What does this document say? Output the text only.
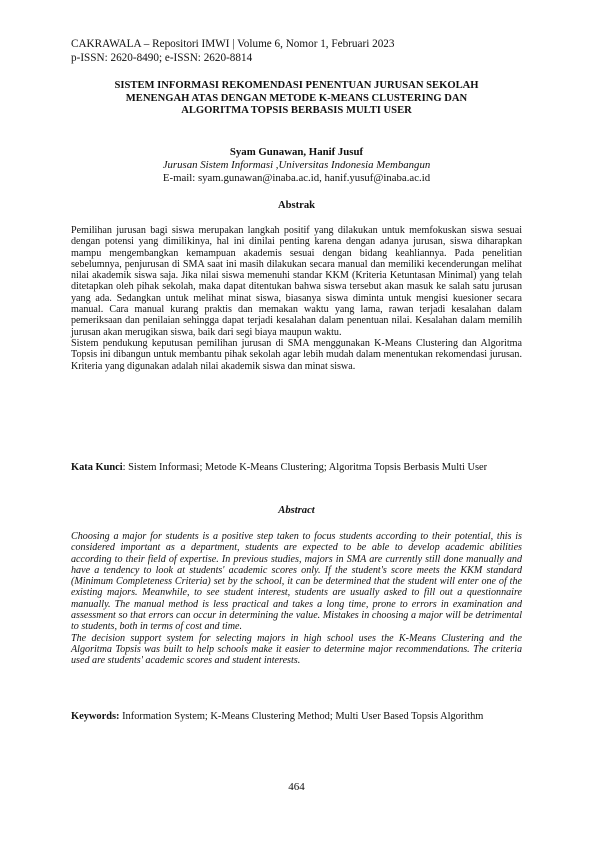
CAKRAWALA – Repositori IMWI | Volume 6, Nomor 1, Februari 2023
p-ISSN: 2620-8490; e-ISSN: 2620-8814
SISTEM INFORMASI REKOMENDASI PENENTUAN JURUSAN SEKOLAH
MENENGAH ATAS DENGAN METODE K-MEANS CLUSTERING DAN
ALGORITMA TOPSIS BERBASIS MULTI USER
Syam Gunawan, Hanif Jusuf
Jurusan Sistem Informasi ,Universitas Indonesia Membangun
E-mail: syam.gunawan@inaba.ac.id, hanif.yusuf@inaba.ac.id
Abstrak

Pemilihan jurusan bagi siswa merupakan langkah positif yang dilakukan untuk memfokuskan siswa sesuai dengan potensi yang dimilikinya, hal ini dinilai penting karena dengan adanya jurusan, siswa diharapkan mampu mengembangkan kemampuan akademis sesuai dengan bidang keahliannya. Pada penelitian sebelumnya, penjurusan di SMA saat ini masih dilakukan secara manual dan memiliki kecenderungan melihat nilai akademik siswa saja. Jika nilai siswa memenuhi standar KKM (Kriteria Ketuntasan Minimal) yang telah ditetapkan oleh pihak sekolah, maka dapat ditentukan bahwa siswa tersebut akan masuk ke salah satu jurusan yang ada. Sedangkan untuk melihat minat siswa, biasanya siswa diminta untuk mengisi kuesioner secara manual. Cara manual kurang praktis dan memakan waktu yang lama, rawan terjadi kesalahan dalam pemeriksaan dan penilaian sehingga dapat terjadi kesalahan dalam penentuan nilai. Kesalahan dalam memilih jurusan akan merugikan siswa, baik dari segi biaya maupun waktu.

Sistem pendukung keputusan pemilihan jurusan di SMA menggunakan K-Means Clustering dan Algoritma Topsis ini dibangun untuk membantu pihak sekolah agar lebih mudah dalam menentukan rekomendasi jurusan. Kriteria yang digunakan adalah nilai akademik siswa dan minat siswa.

Kata Kunci: Sistem Informasi; Metode K-Means Clustering; Algoritma Topsis Berbasis Multi User
Abstract

Choosing a major for students is a positive step taken to focus students according to their potential, this is considered important as a department, students are expected to be able to develop academic abilities according to their field of expertise. In previous studies, majors in SMA are currently still done manually and have a tendency to look at students' academic scores only. If the student's score meets the KKM standard (Minimum Completeness Criteria) set by the school, it can be determined that the student will enter one of the existing majors. Meanwhile, to see student interest, students are usually asked to fill out a questionnaire manually. The manual method is less practical and takes a long time, prone to errors in examination and assessment so that errors can occur in determining the value. Mistakes in choosing a major will be detrimental to students, both in terms of cost and time.

The decision support system for selecting majors in high school uses the K-Means Clustering and the Algoritma Topsis was built to help schools make it easier to determine major recommendations. The criteria used are students' academic scores and student interests.

Keywords: Information System; K-Means Clustering Method; Multi User Based Topsis Algorithm
464
